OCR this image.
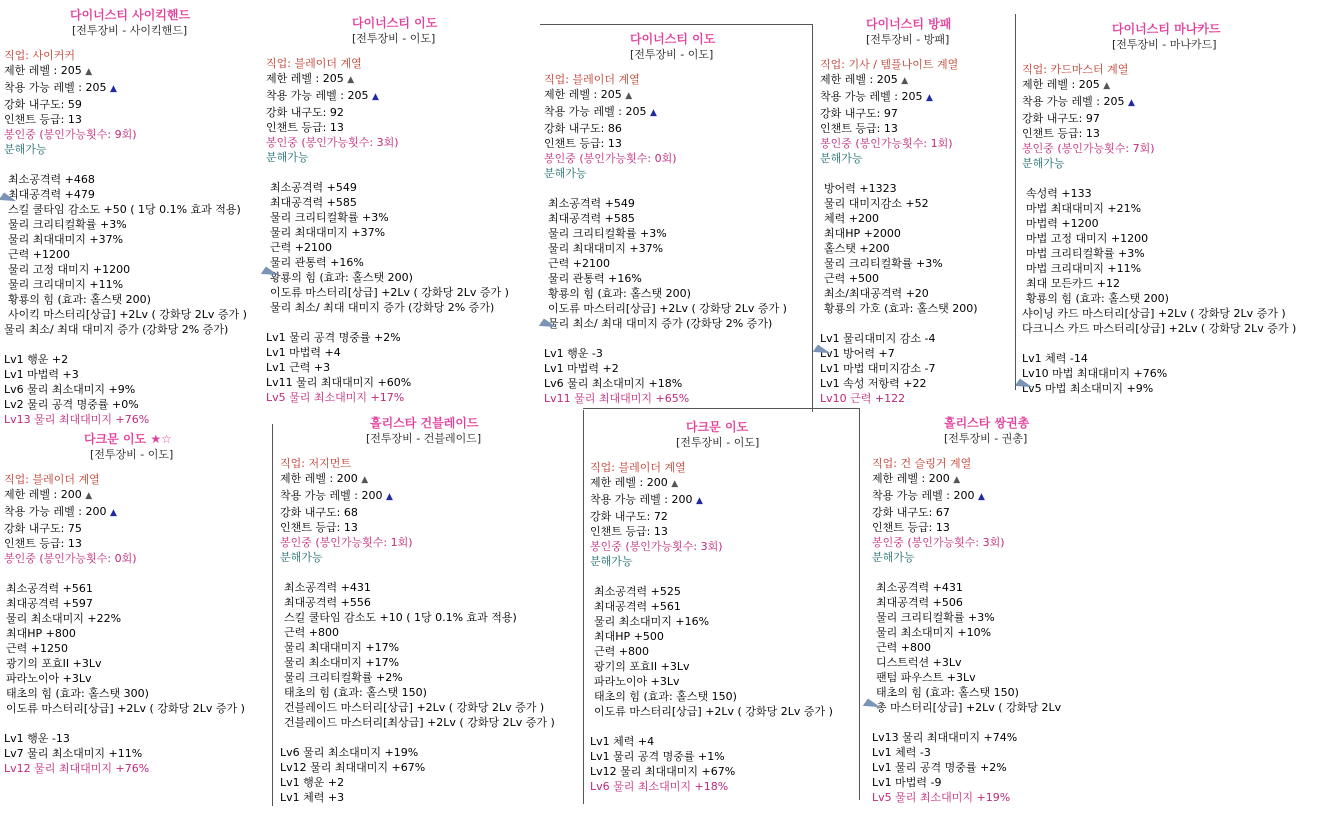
다이너스티 사이킥핸드
[전투장비 - 사이킥핸드]
직업: 사이커커
제한 레벨 : 205 ▲
착용 가능 레벨 : 205 ▲
강화 내구도: 59
인챈트 등급: 13
봉인중 (봉인가능횟수: 9회)
분해가능
최소공격력 +468
최대공격력 +479
스킬 쿨타임 감소도 +50 ( 1당 0.1% 효과 적용)
물리 크리티컬확률 +3%
물리 최대대미지 +37%
근력 +1200
물리 고정 대미지 +1200
물리 크리대미지 +11%
황룡의 힘 (효과: 홀스탯 200)
사이킥 마스터리[상급] +2Lv ( 강화당 2Lv 증가 )
물리 최소/ 최대 대미지 증가 (강화당 2% 증가)
Lv1 행운 +2
Lv1 마법력 +3
Lv6 물리 최소대미지 +9%
Lv2 물리 공격 명중률 +0%
Lv13 물리 최대대미지 +76%
다이너스티 이도
[전투장비 - 이도]
직업: 블레이더 계열
제한 레벨 : 205 ▲
착용 가능 레벨 : 205 ▲
강화 내구도: 92
인챈트 등급: 13
봉인중 (봉인가능횟수: 3회)
분해가능
최소공격력 +549
최대공격력 +585
물리 크리티컬확률 +3%
물리 최대대미지 +37%
근력 +2100
물리 관통력 +16%
황룡의 힘 (효과: 홀스탯 200)
이도류 마스터리[상급] +2Lv ( 강화당 2Lv 증가 )
물리 최소/ 최대 대미지 증가 (강화당 2% 증가)
Lv1 물리 공격 명중률 +2%
Lv1 마법력 +4
Lv1 근력 +3
Lv11 물리 최대대미지 +60%
Lv5 물리 최소대미지 +17%
다이너스티 이도
[전투장비 - 이도]
직업: 블레이더 계열
제한 레벨 : 205 ▲
착용 가능 레벨 : 205 ▲
강화 내구도: 86
인챈트 등급: 13
봉인중 (봉인가능횟수: 0회)
분해가능
최소공격력 +549
최대공격력 +585
물리 크리티컬확률 +3%
물리 최대대미지 +37%
근력 +2100
물리 관통력 +16%
황룡의 힘 (효과: 홀스탯 200)
이도류 마스터리[상급] +2Lv ( 강화당 2Lv 증가 )
물리 최소/ 최대 대미지 증가 (강화당 2% 증가)
Lv1 행운 -3
Lv1 마법력 +2
Lv6 물리 최소대미지 +18%
Lv11 물리 최대대미지 +65%
다이너스티 방패
[전투장비 - 방패]
직업: 기사 / 템플나이트 계열
제한 레벨 : 205 ▲
착용 가능 레벨 : 205 ▲
강화 내구도: 97
인챈트 등급: 13
봉인중 (봉인가능횟수: 1회)
분해가능
방어력 +1323
물리 대미지감소 +52
체력 +200
최대HP +2000
홀스탯 +200
물리 크리티컬확률 +3%
근력 +500
최소/최대공격력 +20
황룡의 가호 (효과: 홀스탯 200)
Lv1 물리대미지 감소 -4
Lv1 방어력 +7
Lv1 마법 대미지감소 -7
Lv1 속성 저항력 +22
Lv10 근력 +122
다이너스티 마나카드
[전투장비 - 마나카드]
직업: 카드마스터 계열
제한 레벨 : 205 ▲
착용 가능 레벨 : 205 ▲
강화 내구도: 97
인챈트 등급: 13
봉인중 (봉인가능횟수: 7회)
분해가능
속성력 +133
마법 최대대미지 +21%
마법력 +1200
마법 고정 대미지 +1200
마법 크리티컬확률 +3%
마법 크리대미지 +11%
최대 모든카드 +12
황룡의 힘 (효과: 홀스탯 200)
샤이닝 카드 마스터리[상급] +2Lv ( 강화당 2Lv 증가 )
다크니스 카드 마스터리[상급] +2Lv ( 강화당 2Lv 증가 )
Lv1 체력 -14
Lv10 마법 최대대미지 +76%
Lv5 마법 최소대미지 +9%
다크문 이도 ★☆
[전투장비 - 이도]
직업: 블레이더 계열
제한 레벨 : 200 ▲
착용 가능 레벨 : 200 ▲
강화 내구도: 75
인챈트 등급: 13
봉인중 (봉인가능횟수: 0회)
최소공격력 +561
최대공격력 +597
물리 최소대미지 +22%
최대HP +800
근력 +1250
광기의 포효II +3Lv
파라노이아 +3Lv
태초의 힘 (효과: 홀스탯 300)
이도류 마스터리[상급] +2Lv ( 강화당 2Lv 증가 )
Lv1 행운 -13
Lv7 물리 최소대미지 +11%
Lv12 물리 최대대미지 +76%
홀리스타 건블레이드
[전투장비 - 건블레이드]
직업: 저지먼트
제한 레벨 : 200 ▲
착용 가능 레벨 : 200 ▲
강화 내구도: 68
인챈트 등급: 13
봉인중 (봉인가능횟수: 1회)
분해가능
최소공격력 +431
최대공격력 +556
스킬 쿨타임 감소도 +10 ( 1당 0.1% 효과 적용)
근력 +800
물리 최대대미지 +17%
물리 최소대미지 +17%
물리 크리티컬확률 +2%
태초의 힘 (효과: 홀스탯 150)
건블레이드 마스터리[상급] +2Lv ( 강화당 2Lv 증가 )
건블레이드 마스터리[최상급] +2Lv ( 강화당 2Lv 증가 )
Lv6 물리 최소대미지 +19%
Lv12 물리 최대대미지 +67%
Lv1 행운 +2
Lv1 체력 +3
다크문 이도
[전투장비 - 이도]
직업: 블레이더 계열
제한 레벨 : 200 ▲
착용 가능 레벨 : 200 ▲
강화 내구도: 72
인챈트 등급: 13
봉인중 (봉인가능횟수: 3회)
분해가능
최소공격력 +525
최대공격력 +561
물리 최소대미지 +16%
최대HP +500
근력 +800
광기의 포효II +3Lv
파라노이아 +3Lv
태초의 힘 (효과: 홀스탯 150)
이도류 마스터리[상급] +2Lv ( 강화당 2Lv 증가 )
Lv1 체력 +4
Lv1 물리 공격 명중률 +1%
Lv12 물리 최대대미지 +67%
Lv6 물리 최소대미지 +18%
홀리스타 쌍권총
[전투장비 - 권총]
직업: 건 슬링거 계열
제한 레벨 : 200 ▲
착용 가능 레벨 : 200 ▲
강화 내구도: 67
인챈트 등급: 13
봉인중 (봉인가능횟수: 3회)
분해가능
최소공격력 +431
최대공격력 +506
물리 크리티컬확률 +3%
물리 최소대미지 +10%
근력 +800
디스트럭션 +3Lv
팬텀 파우스트 +3Lv
태초의 힘 (효과: 홀스탯 150)
총 마스터리[상급] +2Lv ( 강화당 2Lv
Lv13 물리 최대대미지 +74%
Lv1 체력 -3
Lv1 물리 공격 명중률 +2%
Lv1 마법력 -9
Lv5 물리 최소대미지 +19%
